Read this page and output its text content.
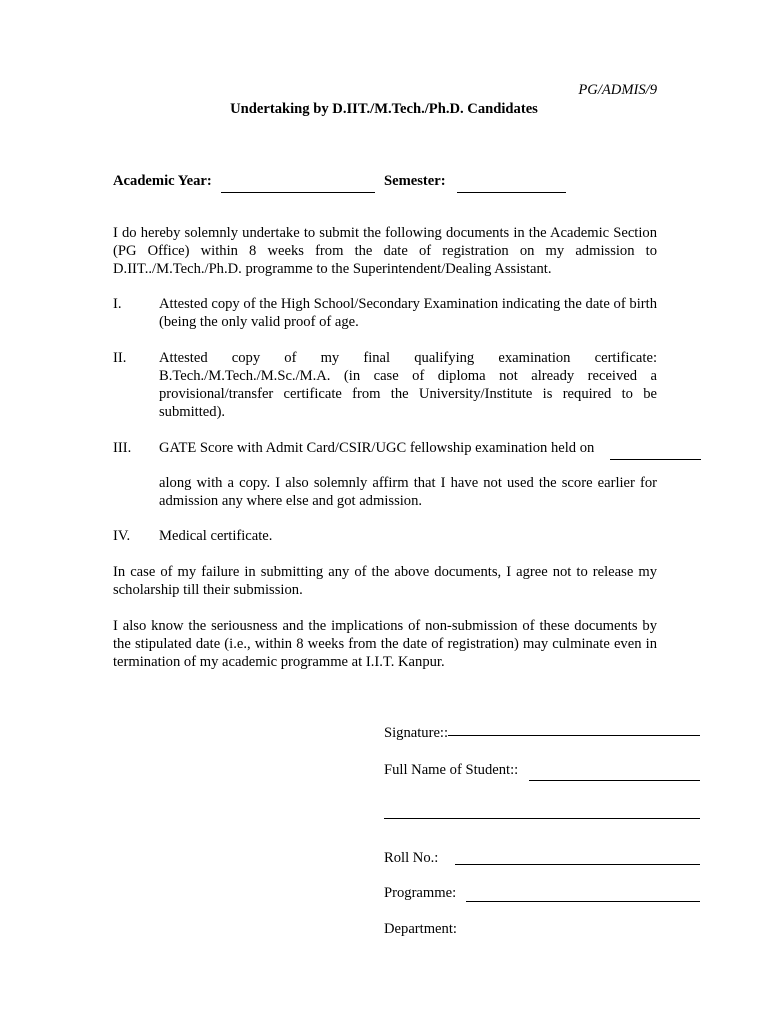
PG/ADMIS/9
Undertaking by D.IIT./M.Tech./Ph.D. Candidates
Academic Year:	Semester:
I do hereby solemnly undertake to submit the following documents in the Academic Section (PG Office) within 8 weeks from the date of registration on my admission to D.IIT../M.Tech./Ph.D. programme to the Superintendent/Dealing Assistant.
I.	Attested copy of the High School/Secondary Examination indicating the date of birth (being the only valid proof of age.
II. Attested copy of my final qualifying examination certificate: B.Tech./M.Tech./M.Sc./M.A. (in case of diploma not already received a provisional/transfer certificate from the University/Institute is required to be submitted).
III. GATE Score with Admit Card/CSIR/UGC fellowship examination held on
along with a copy. I also solemnly affirm that I have not used the score earlier for admission any where else and got admission.
IV. Medical certificate.
In case of my failure in submitting any of the above documents, I agree not to release my scholarship till their submission.
I also know the seriousness and the implications of non-submission of these documents by the stipulated date (i.e., within 8 weeks from the date of registration) may culminate even in termination of my academic programme at I.I.T. Kanpur.
Signature::
Full Name of Student::
Roll No.:
Programme:
Department:
